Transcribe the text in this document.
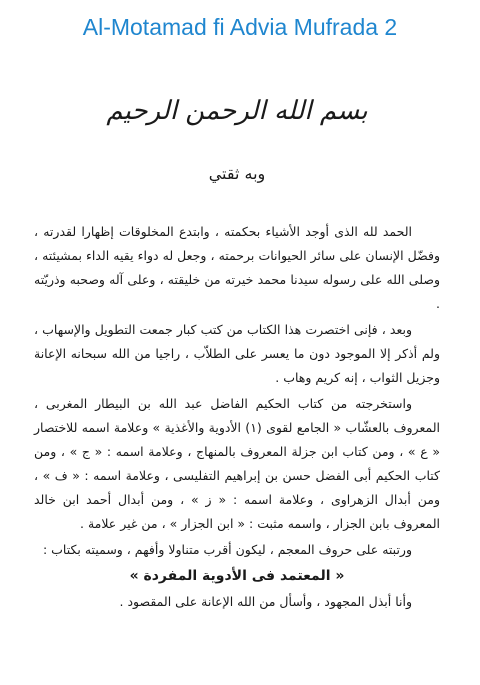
Al-Motamad fi Advia Mufrada 2
بسم الله الرحمن الرحيم
وبه ثقتي

الحمد لله الذى أوجد الأشياء بحكمته ، وابتدع المخلوقات إظهارا لقدرته ، وفضّل الإنسان على سائر الحيوانات برحمته ، وجعل له دواء يقيه الداء بمشيئته ، وصلى الله على رسوله سيدنا محمد خيرته من خليقته ، وعلى آله وصحبه وذريّته .

وبعد ، فإنى اختصرت هذا الكتاب من كتب كبار جمعت التطويل والإسهاب ، ولم أذكر إلا الموجود دون ما يعسر على الطلاّب ، راجيا من الله سبحانه الإعانة وجزيل الثواب ، إنه كريم وهاب .

واستخرجته من كتاب الحكيم الفاضل عبد الله بن البيطار المغربى ، المعروف بالعشّاب « الجامع لقوى (١) الأدوية والأغذية » وعلامة اسمه للاختصار « ع » ، ومن كتاب ابن جزلة المعروف بالمنهاج ، وعلامة اسمه : « ج » ، ومن كتاب الحكيم أبى الفضل حسن بن إبراهيم التفليسى ، وعلامة اسمه : « ف » ، ومن أبدال الزهراوى ، وعلامة اسمه : « ز » ، ومن أبدال أحمد ابن خالد المعروف بابن الجزار ، واسمه مثبت : « ابن الجزار » ، من غير علامة .

ورتبته على حروف المعجم ، ليكون أقرب متناولا وأفهم ، وسميته بكتاب :

« المعتمد فى الأدوية المفردة »

وأنا أبذل المجهود ، وأسأل من الله الإعانة على المقصود .
